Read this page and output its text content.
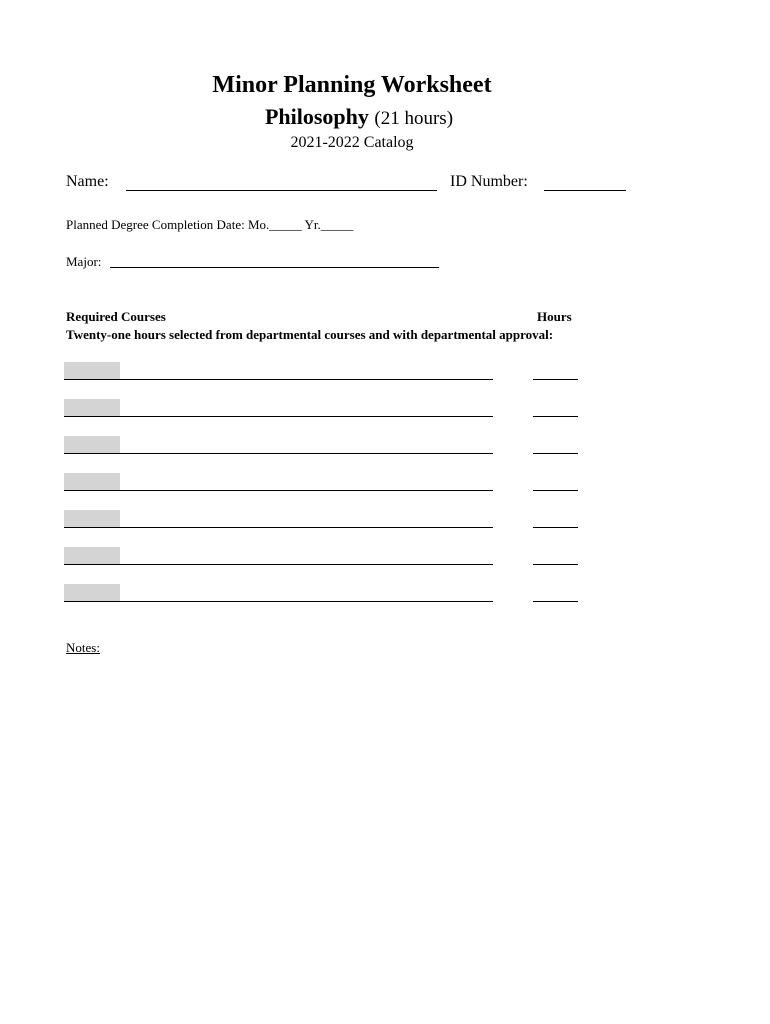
Minor Planning Worksheet
Philosophy (21 hours)
2021-2022 Catalog
Name:	ID Number:
Planned Degree Completion Date: Mo._____ Yr._____
Major:
Required Courses	Hours
Twenty-one hours selected from departmental courses and with departmental approval:
Notes:
